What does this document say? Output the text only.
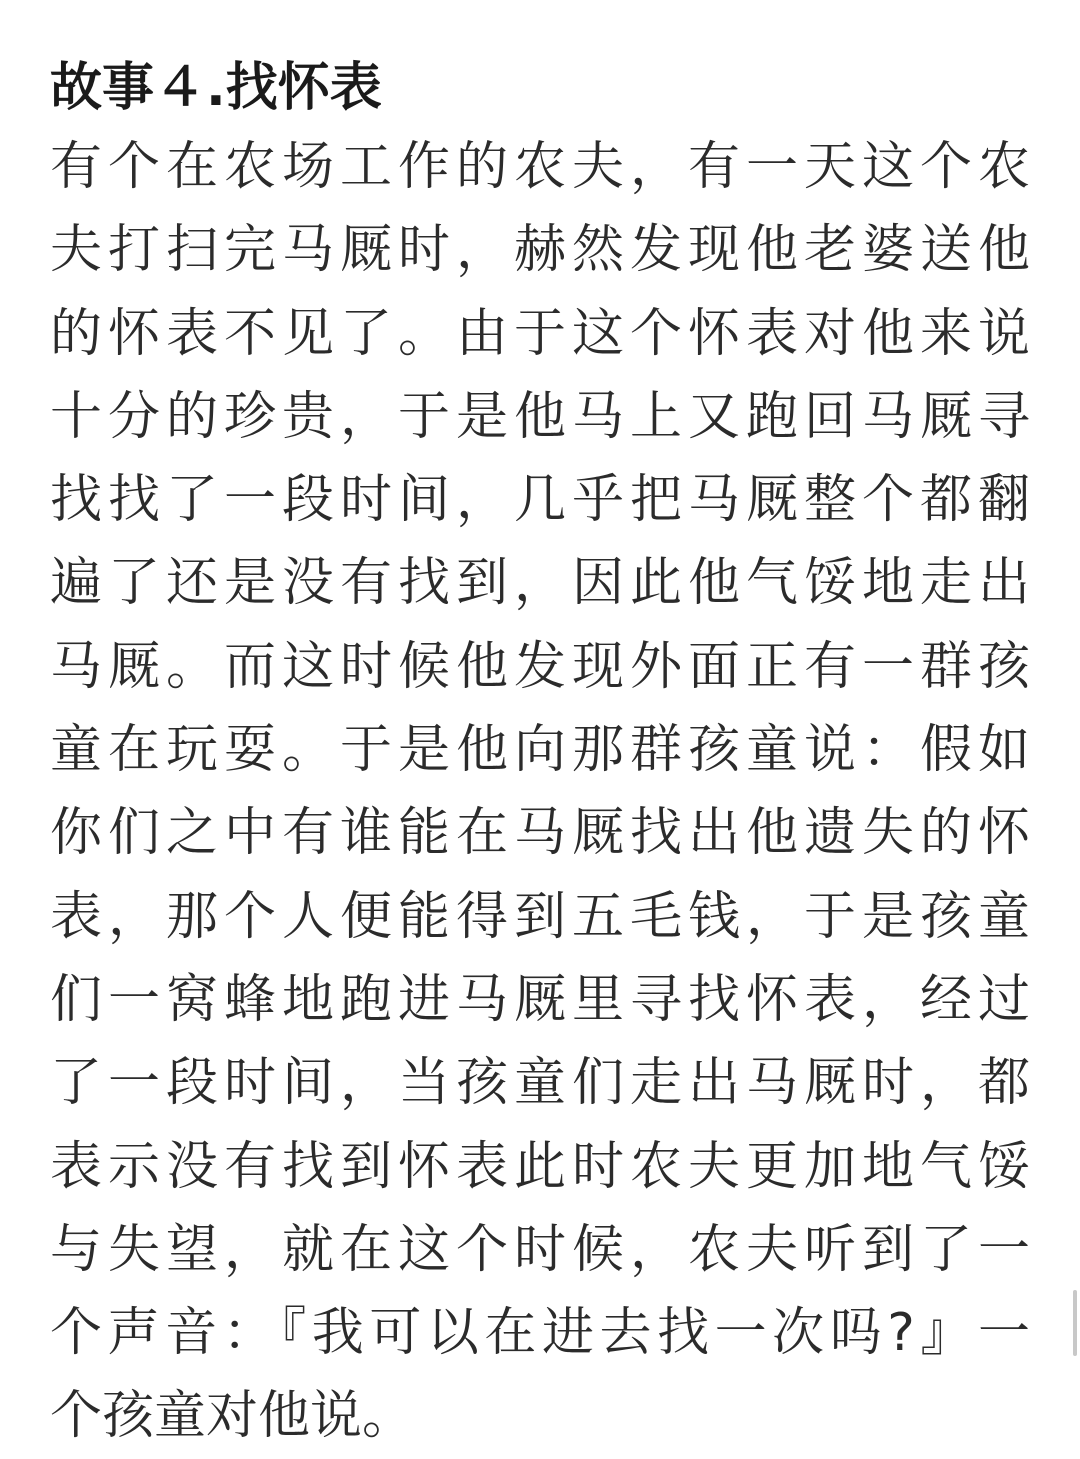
故事４.找怀表
有个在农场工作的农夫，有一天这个农
夫打扫完马厩时，赫然发现他老婆送他
的怀表不见了。由于这个怀表对他来说
十分的珍贵，于是他马上又跑回马厩寻
找找了一段时间，几乎把马厩整个都翻
遍了还是没有找到，因此他气馁地走出
马厩。而这时候他发现外面正有一群孩
童在玩耍。于是他向那群孩童说：假如
你们之中有谁能在马厩找出他遗失的怀
表，那个人便能得到五毛钱，于是孩童
们一窝蜂地跑进马厩里寻找怀表，经过
了一段时间，当孩童们走出马厩时，都
表示没有找到怀表此时农夫更加地气馁
与失望，就在这个时候，农夫听到了一
个声音：『我可以在进去找一次吗?』一
个孩童对他说。
